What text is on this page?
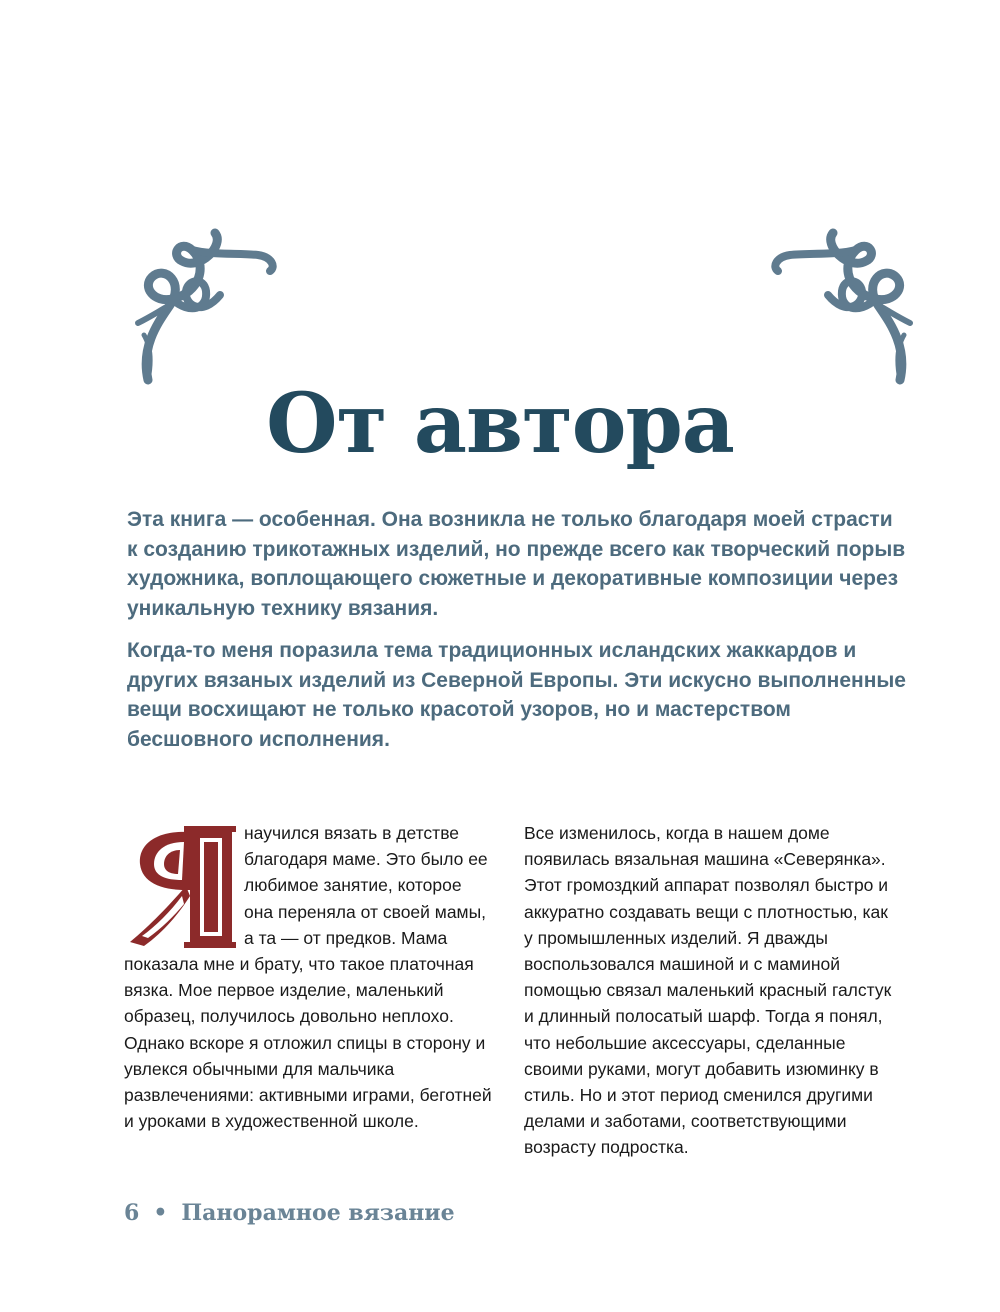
От автора

Эта книга — особенная. Она возникла не только благодаря моей страсти к созданию трикотажных изделий, но прежде всего как творческий порыв художника, воплощающего сюжетные и декоративные композиции через уникальную технику вязания.

Когда-то меня поразила тема традиционных исландских жаккардов и других вязаных изделий из Северной Европы. Эти искусно выполненные вещи восхищают не только красотой узоров, но и мастерством бесшовного исполнения.

научился вязать в детстве благодаря маме. Это было ее любимое занятие, которое она переняла от своей мамы, а та — от предков. Мама показала мне и брату, что такое платочная вязка. Мое первое изделие, маленький образец, получилось довольно неплохо. Однако вскоре я отложил спицы в сторону и увлекся обычными для мальчика развлечениями: активными играми, беготней и уроками в художественной школе.

Все изменилось, когда в нашем доме появилась вязальная машина «Северянка». Этот громоздкий аппарат позволял быстро и аккуратно создавать вещи с плотностью, как у промышленных изделий. Я дважды воспользовался машиной и с маминой помощью связал маленький красный галстук и длинный полосатый шарф. Тогда я понял, что небольшие аксессуары, сделанные своими руками, могут добавить изюминку в стиль. Но и этот период сменился другими делами и заботами, соответствующими возрасту подростка.

6 • Панорамное вязание
